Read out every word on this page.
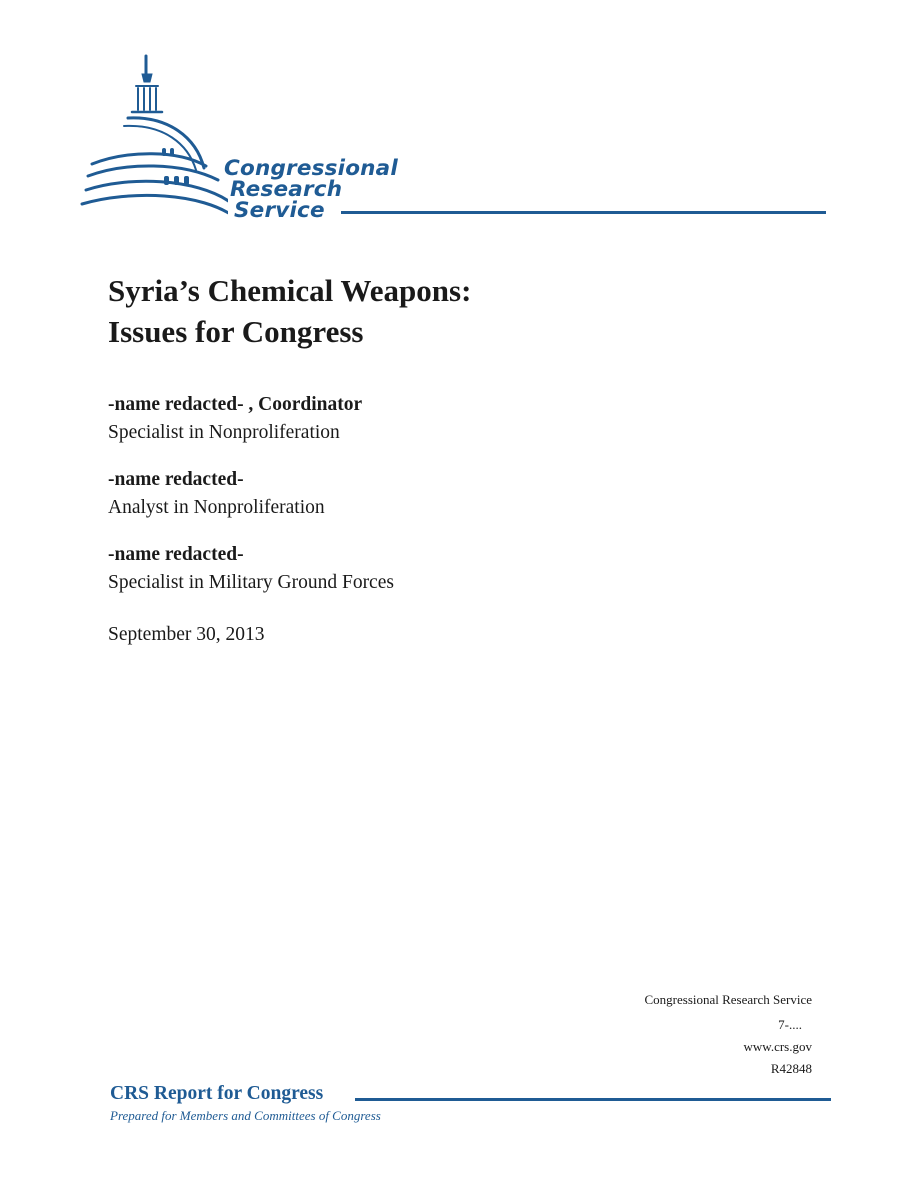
Congressional
Research
Service
Syria’s Chemical Weapons:
Issues for Congress
-name redacted- , Coordinator
Specialist in Nonproliferation
-name redacted-
Analyst in Nonproliferation
-name redacted-
Specialist in Military Ground Forces
September 30, 2013
Congressional Research Service
7-....
www.crs.gov
R42848
CRS Report for Congress
Prepared for Members and Committees of Congress
